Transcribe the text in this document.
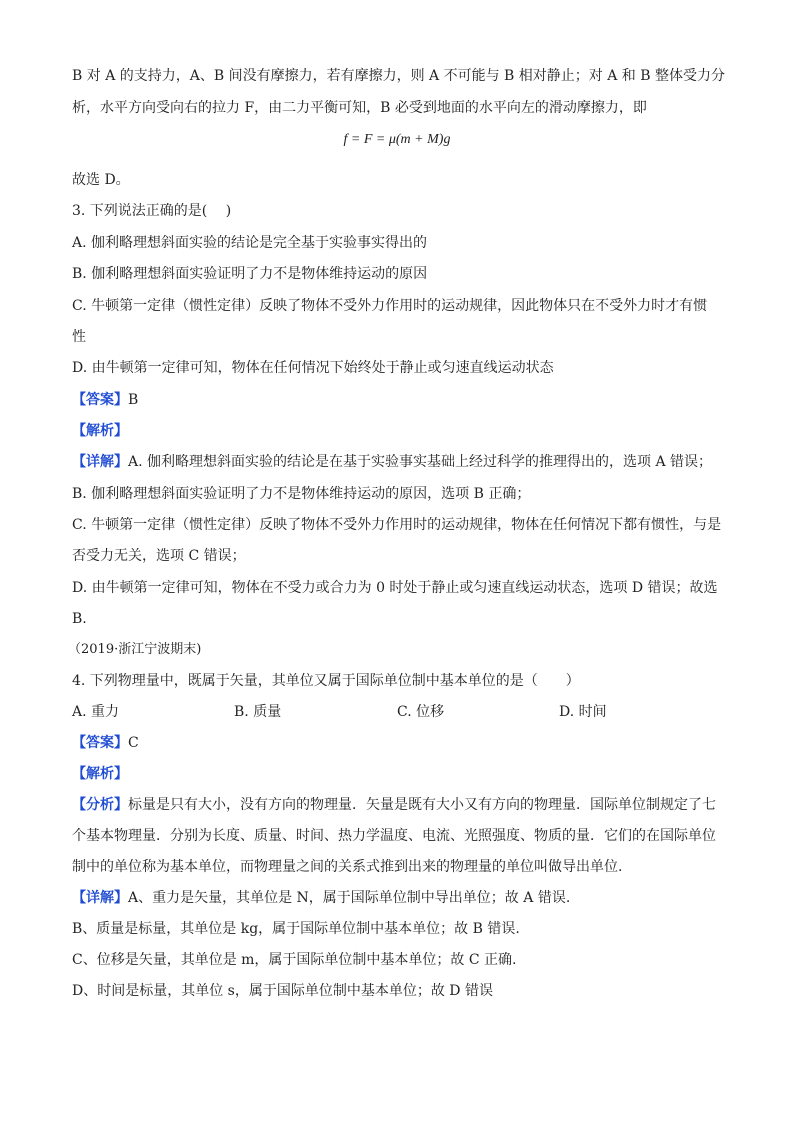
B 对 A 的支持力，A、B 间没有摩擦力，若有摩擦力，则 A 不可能与 B 相对静止；对 A 和 B 整体受力分
析，水平方向受向右的拉力 F，由二力平衡可知，B 必受到地面的水平向左的滑动摩擦力，即
f = F = μ(m + M)g
故选 D。
3. 下列说法正确的是(　 )
A. 伽利略理想斜面实验的结论是完全基于实验事实得出的
B. 伽利略理想斜面实验证明了力不是物体维持运动的原因
C. 牛顿第一定律（惯性定律）反映了物体不受外力作用时的运动规律，因此物体只在不受外力时才有惯
性
D. 由牛顿第一定律可知，物体在任何情况下始终处于静止或匀速直线运动状态
【答案】B
【解析】
【详解】A. 伽利略理想斜面实验的结论是在基于实验事实基础上经过科学的推理得出的，选项 A 错误；
B. 伽利略理想斜面实验证明了力不是物体维持运动的原因，选项 B 正确；
C. 牛顿第一定律（惯性定律）反映了物体不受外力作用时的运动规律，物体在任何情况下都有惯性，与是
否受力无关，选项 C 错误；
D. 由牛顿第一定律可知，物体在不受力或合力为 0 时处于静止或匀速直线运动状态，选项 D 错误；故选
B.
（2019·浙江宁波期末)
4. 下列物理量中，既属于矢量，其单位又属于国际单位制中基本单位的是（　　）
A. 重力	B. 质量	C. 位移	D. 时间
【答案】C
【解析】
【分析】标量是只有大小，没有方向的物理量．矢量是既有大小又有方向的物理量．国际单位制规定了七
个基本物理量．分别为长度、质量、时间、热力学温度、电流、光照强度、物质的量．它们的在国际单位
制中的单位称为基本单位，而物理量之间的关系式推到出来的物理量的单位叫做导出单位.
【详解】A、重力是矢量，其单位是 N，属于国际单位制中导出单位；故 A 错误.
B、质量是标量，其单位是 kg，属于国际单位制中基本单位；故 B 错误.
C、位移是矢量，其单位是 m，属于国际单位制中基本单位；故 C 正确.
D、时间是标量，其单位 s，属于国际单位制中基本单位；故 D 错误
